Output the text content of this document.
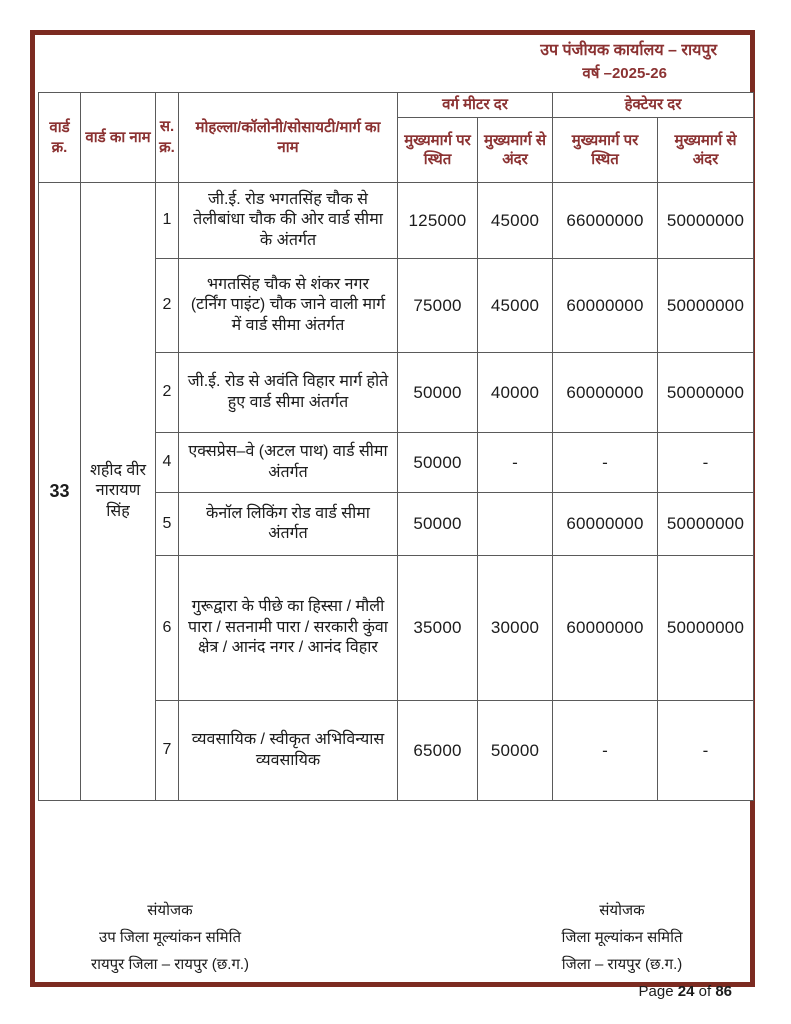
उप पंजीयक कार्यालय – रायपुर
वर्ष –2025-26
वार्ड क्र.	वार्ड का नाम	स.क्र.	मोहल्ला/कॉलोनी/सोसायटी/मार्ग का नाम	वर्ग मीटर दर		हेक्टेयर दर	
				मुख्यमार्ग पर स्थित	मुख्यमार्ग से अंदर	मुख्यमार्ग पर स्थित	मुख्यमार्ग से अंदर
33	शहीद वीर नारायण सिंह	1	जी.ई. रोड भगतसिंह चौक से तेलीबांधा चौक की ओर वार्ड सीमा के अंतर्गत	125000	45000	66000000	50000000
		2	भगतसिंह चौक से शंकर नगर (टर्निंग पाइंट) चौक जाने वाली मार्ग में वार्ड सीमा अंतर्गत	75000	45000	60000000	50000000
		2	जी.ई. रोड से अवंति विहार मार्ग होते हुए वार्ड सीमा अंतर्गत	50000	40000	60000000	50000000
		4	एक्सप्रेस–वे (अटल पाथ) वार्ड सीमा अंतर्गत	50000	-	-	-
		5	केनॉल लिकिंग रोड वार्ड सीमा अंतर्गत	50000		60000000	50000000
		6	गुरूद्वारा के पीछे का हिस्सा / मौली पारा / सतनामी पारा / सरकारी कुंवा क्षेत्र / आनंद नगर / आनंद विहार	35000	30000	60000000	50000000
		7	व्यवसायिक / स्वीकृत अभिविन्यास व्यवसायिक	65000	50000	-	-
संयोजक
उप जिला मूल्यांकन समिति
रायपुर जिला – रायपुर (छ.ग.)
संयोजक
जिला मूल्यांकन समिति
जिला – रायपुर (छ.ग.)
Page 24 of 86
